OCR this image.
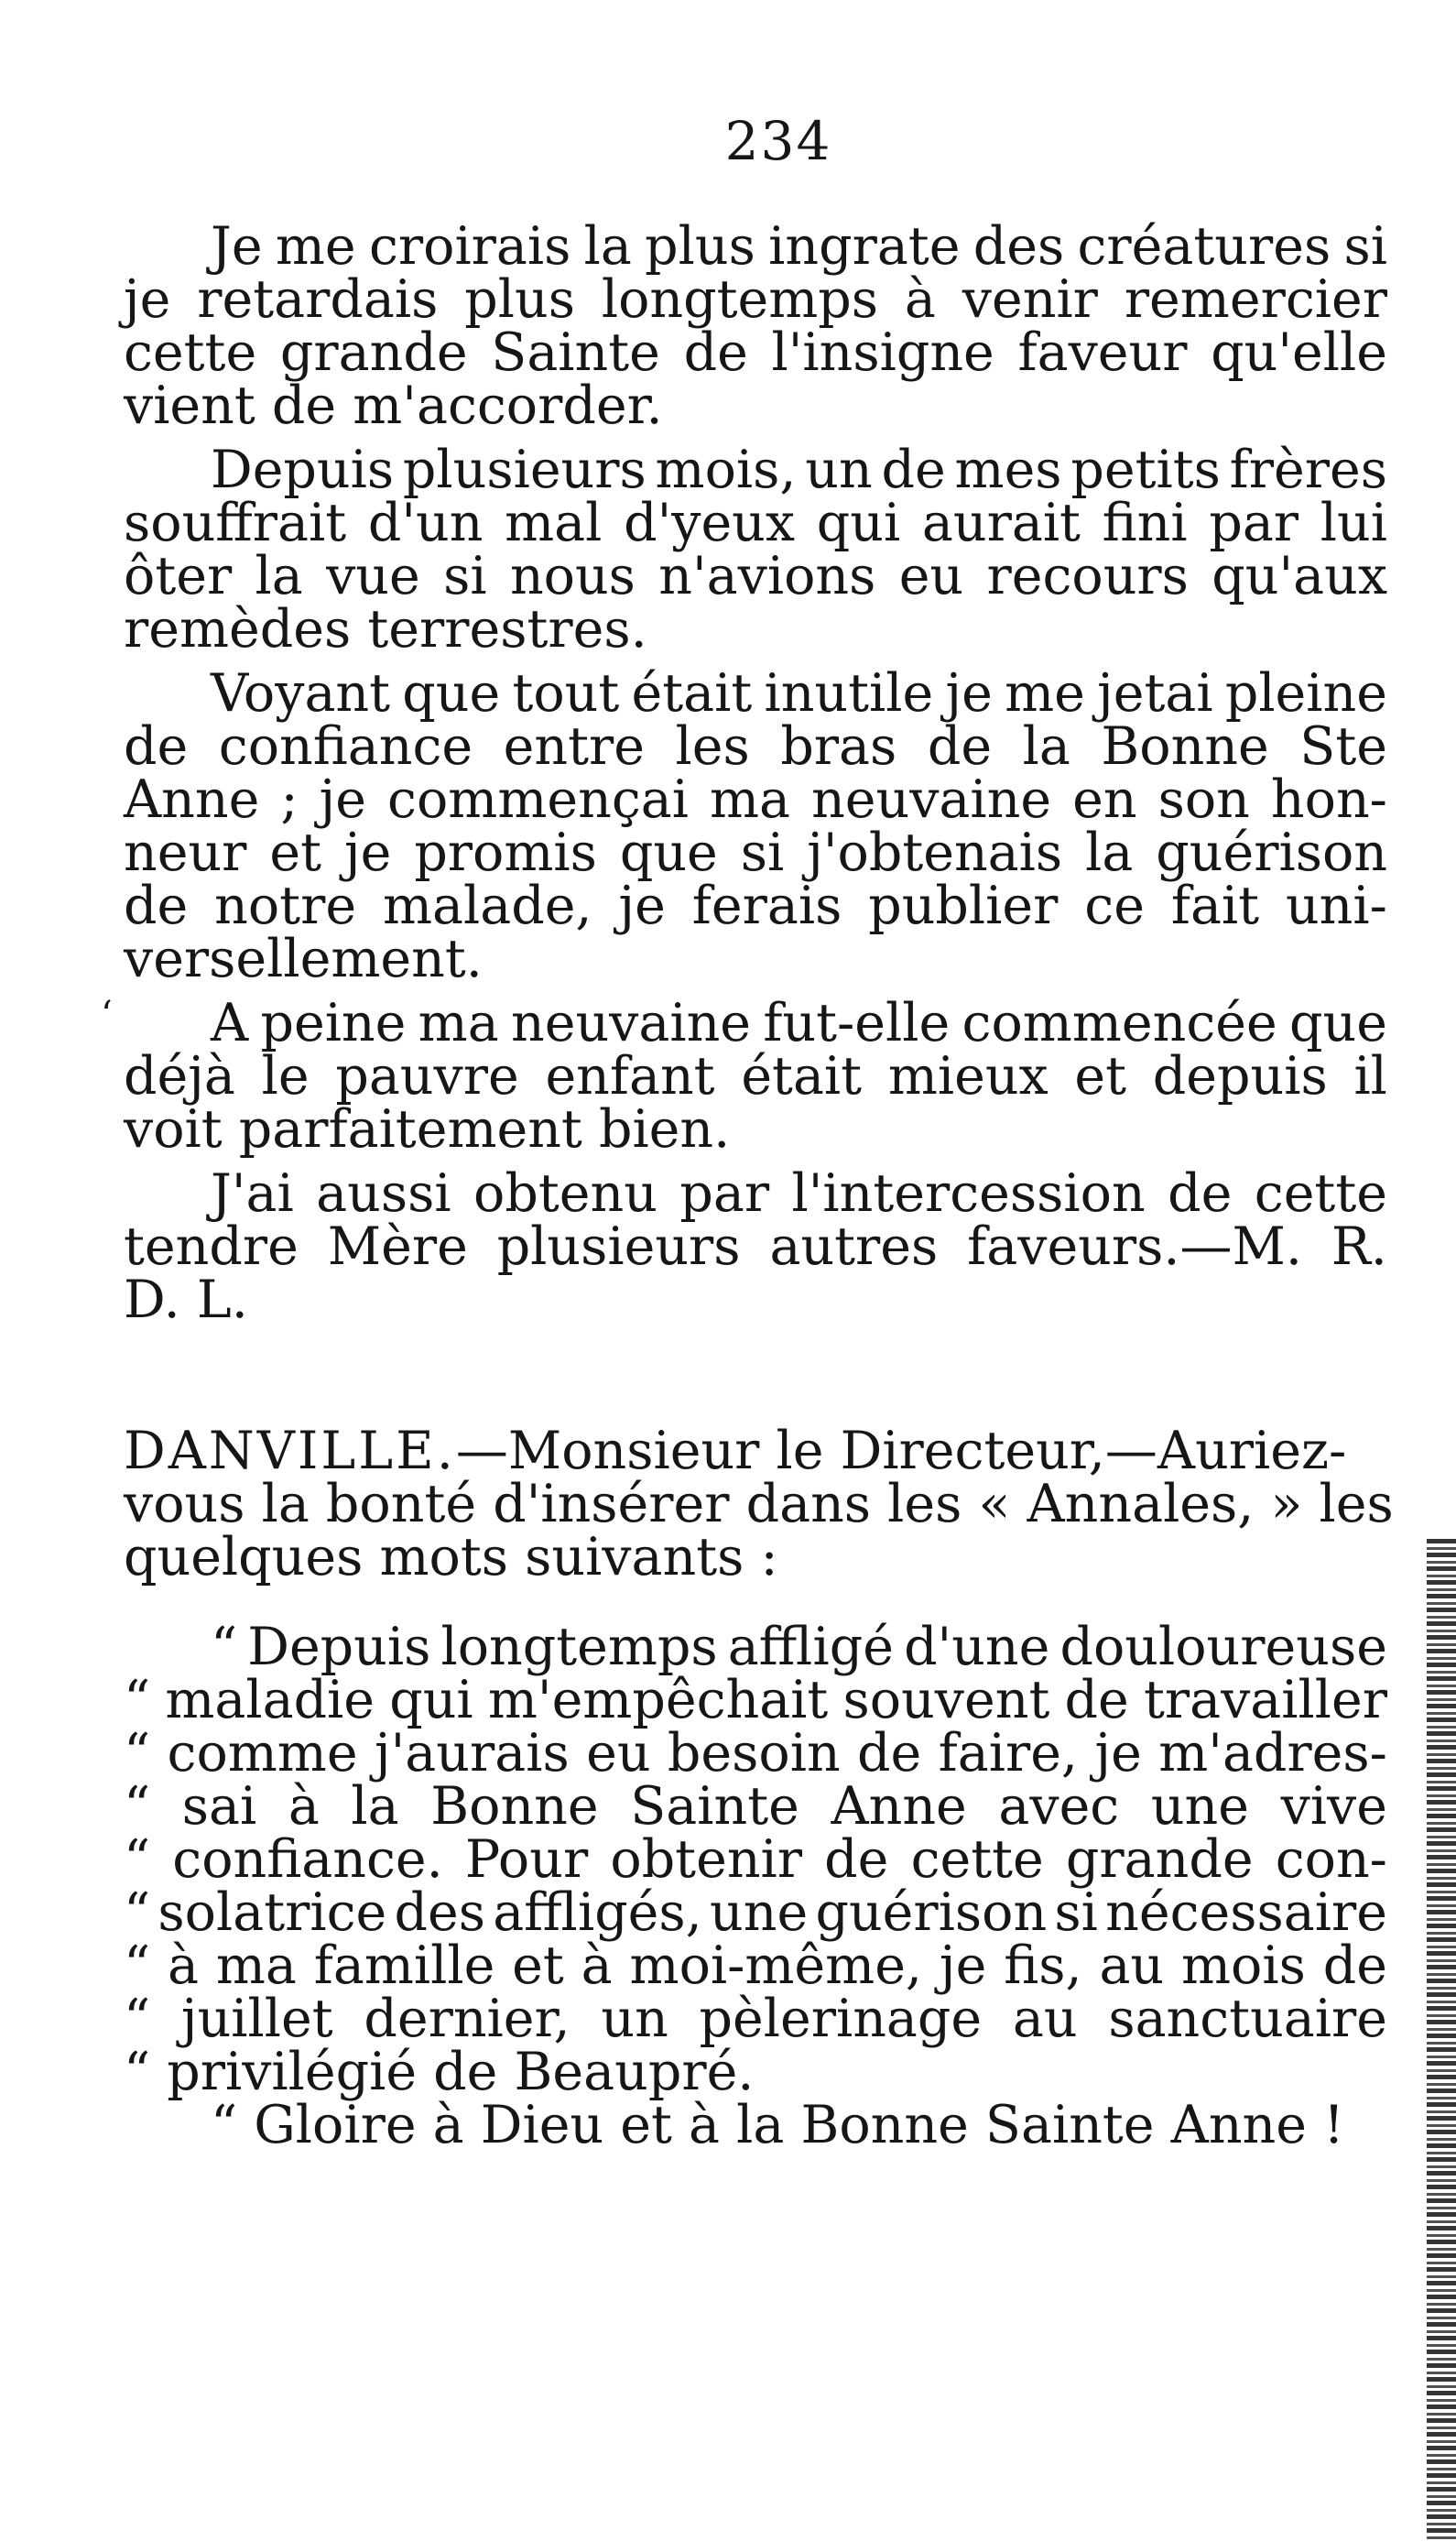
234
Je me croirais la plus ingrate des créatures si
je retardais plus longtemps à venir remercier
cette grande Sainte de l'insigne faveur qu'elle
vient de m'accorder.
Depuis plusieurs mois, un de mes petits frères
souffrait d'un mal d'yeux qui aurait fini par lui
ôter la vue si nous n'avions eu recours qu'aux
remèdes terrestres.
Voyant que tout était inutile je me jetai pleine
de confiance entre les bras de la Bonne Ste
Anne ; je commençai ma neuvaine en son hon-
neur et je promis que si j'obtenais la guérison
de notre malade, je ferais publier ce fait uni-
versellement.
A peine ma neuvaine fut-elle commencée que
déjà le pauvre enfant était mieux et depuis il
voit parfaitement bien.
J'ai aussi obtenu par l'intercession de cette
tendre Mère plusieurs autres faveurs.—M. R.
D. L.
DANVILLE.—Monsieur le Directeur,—Auriez-
vous la bonté d'insérer dans les « Annales, » les
quelques mots suivants :
“ Depuis longtemps affligé d'une douloureuse
“ maladie qui m'empêchait souvent de travailler
“ comme j'aurais eu besoin de faire, je m'adres-
“ sai à la Bonne Sainte Anne avec une vive
“ confiance. Pour obtenir de cette grande con-
“ solatrice des affligés, une guérison si nécessaire
“ à ma famille et à moi-même, je fis, au mois de
“ juillet dernier, un pèlerinage au sanctuaire
“ privilégié de Beaupré.
“ Gloire à Dieu et à la Bonne Sainte Anne !
ʻ
